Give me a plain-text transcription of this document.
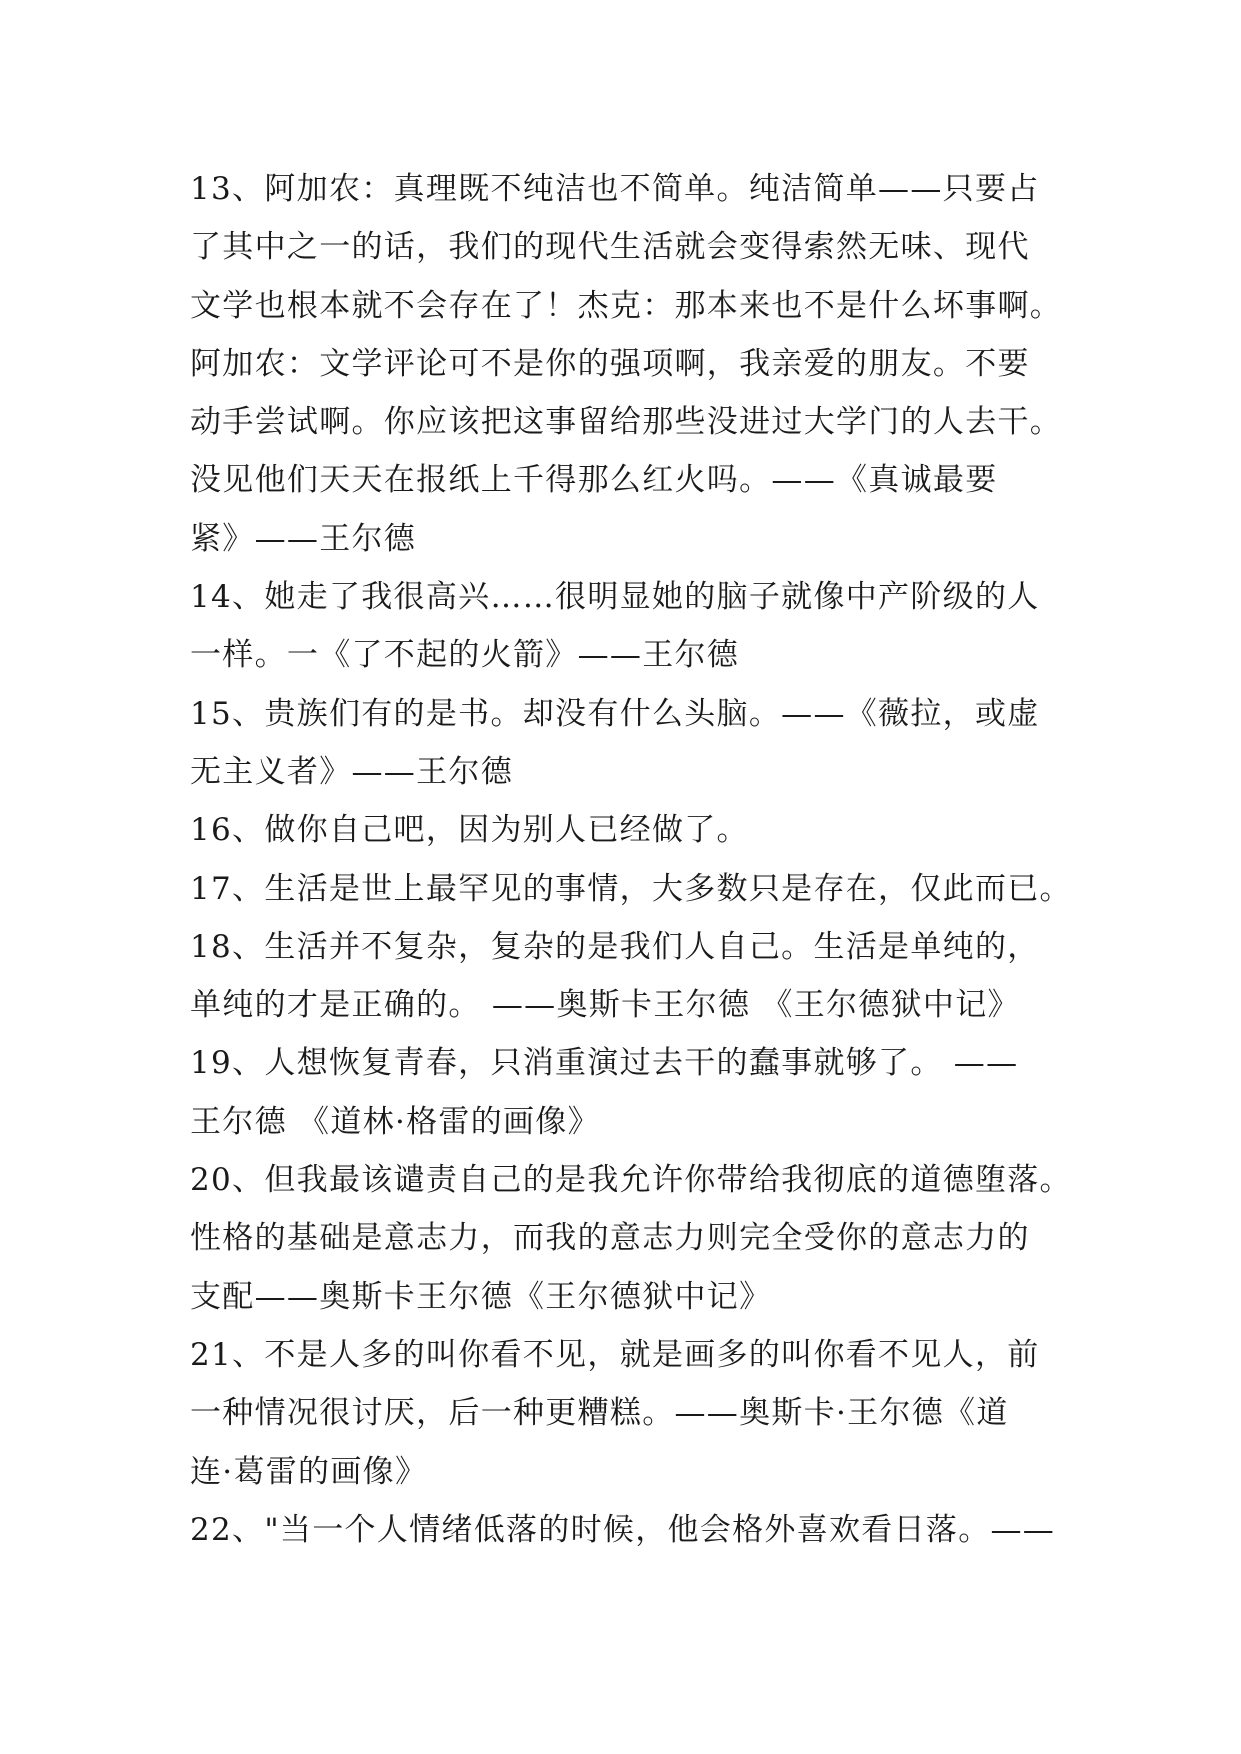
13、阿加农：真理既不纯洁也不简单。纯洁简单——只要占
了其中之一的话，我们的现代生活就会变得索然无味、现代
文学也根本就不会存在了！杰克：那本来也不是什么坏事啊。
阿加农：文学评论可不是你的强项啊，我亲爱的朋友。不要
动手尝试啊。你应该把这事留给那些没进过大学门的人去干。
没见他们天天在报纸上千得那么红火吗。——《真诚最要
紧》——王尔德
14、她走了我很高兴……很明显她的脑子就像中产阶级的人
一样。一《了不起的火箭》——王尔德
15、贵族们有的是书。却没有什么头脑。——《薇拉，或虚
无主义者》——王尔德
16、做你自己吧，因为别人已经做了。
17、生活是世上最罕见的事情，大多数只是存在，仅此而已。
18、生活并不复杂，复杂的是我们人自己。生活是单纯的，
单纯的才是正确的。 ——奥斯卡王尔德 《王尔德狱中记》
19、人想恢复青春，只消重演过去干的蠢事就够了。 ——
王尔德 《道林·格雷的画像》
20、但我最该谴责自己的是我允许你带给我彻底的道德堕落。
性格的基础是意志力，而我的意志力则完全受你的意志力的
支配——奥斯卡王尔德《王尔德狱中记》
21、不是人多的叫你看不见，就是画多的叫你看不见人，前
一种情况很讨厌，后一种更糟糕。——奥斯卡·王尔德《道
连·葛雷的画像》
22、"当一个人情绪低落的时候，他会格外喜欢看日落。——
